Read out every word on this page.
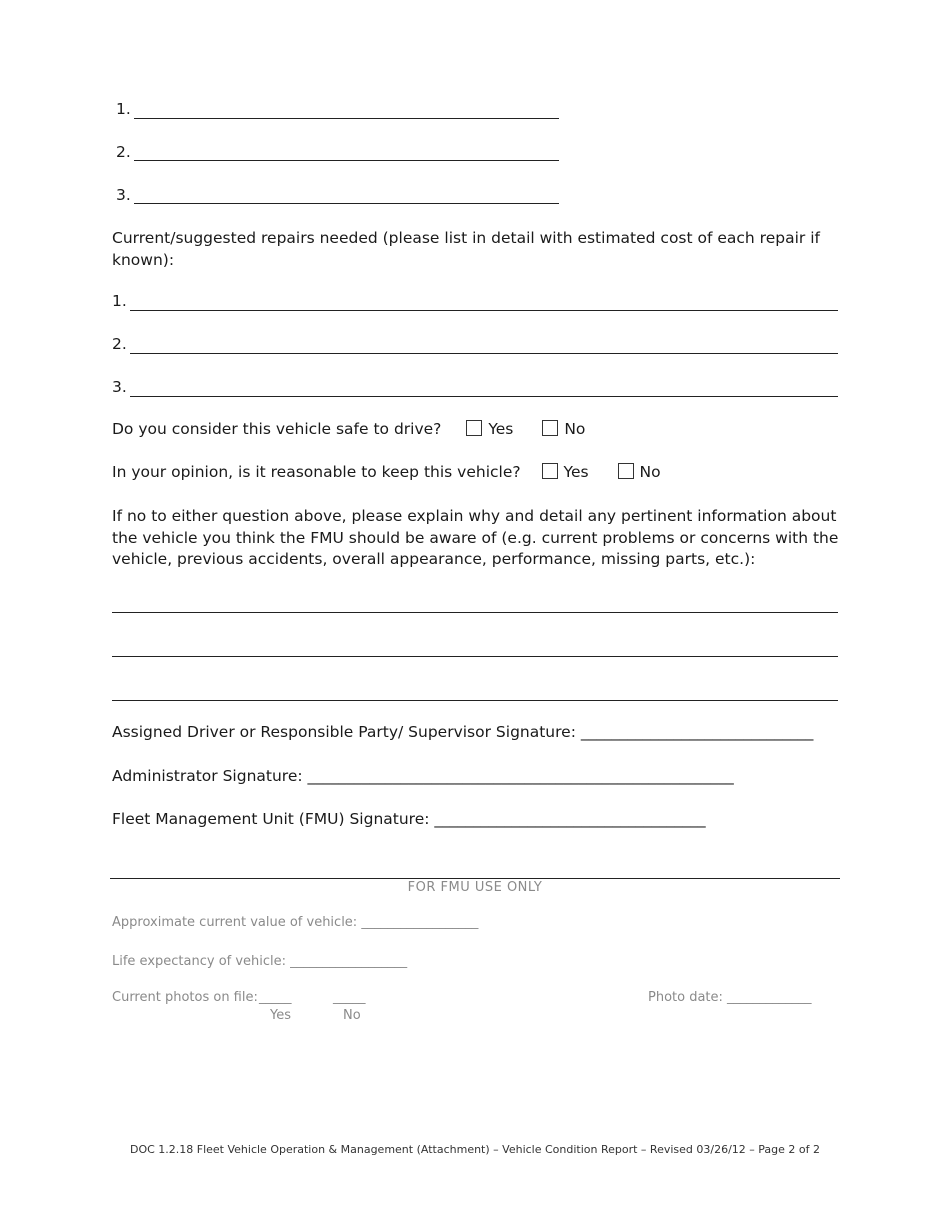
1.
2.
3.
Current/suggested repairs needed (please list in detail with estimated cost of each repair if known):
1.
2.
3.
Do you consider this vehicle safe to drive?	Yes	No
In your opinion, is it reasonable to keep this vehicle?	Yes	No
If no to either question above, please explain why and detail any pertinent information about the vehicle you think the FMU should be aware of (e.g. current problems or concerns with the vehicle, previous accidents, overall appearance, performance, missing parts, etc.):
Assigned Driver or Responsible Party/ Supervisor Signature: ______________________________
Administrator Signature: _______________________________________________________
Fleet Management Unit (FMU) Signature: ___________________________________
FOR FMU USE ONLY
Approximate current value of vehicle: __________________
Life expectancy of vehicle: __________________
Current photos on file: _____	_____
Yes	No
Photo date: _____________
DOC 1.2.18 Fleet Vehicle Operation & Management (Attachment) – Vehicle Condition Report – Revised 03/26/12 – Page 2 of 2
